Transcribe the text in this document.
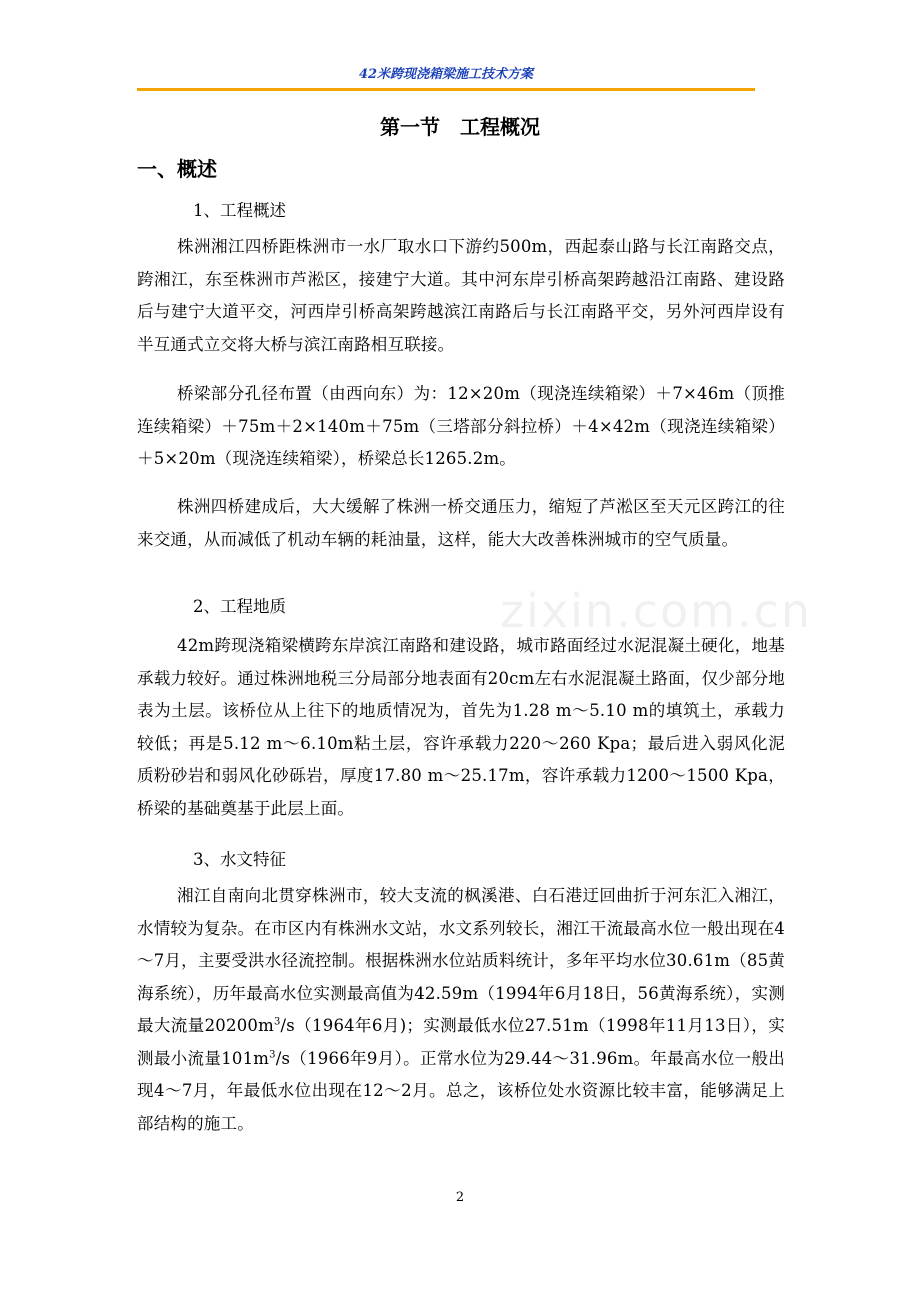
42米跨现浇箱梁施工技术方案
zixin.com.cn
第一节　工程概况
一、概述
1、工程概述
株洲湘江四桥距株洲市一水厂取水口下游约500m，西起泰山路与长江南路交点，跨湘江，东至株洲市芦淞区，接建宁大道。其中河东岸引桥高架跨越沿江南路、建设路后与建宁大道平交，河西岸引桥高架跨越滨江南路后与长江南路平交，另外河西岸设有半互通式立交将大桥与滨江南路相互联接。
桥梁部分孔径布置（由西向东）为：12×20m（现浇连续箱梁）＋7×46m（顶推连续箱梁）＋75m＋2×140m＋75m（三塔部分斜拉桥）＋4×42m（现浇连续箱梁）＋5×20m（现浇连续箱梁），桥梁总长1265.2m。
株洲四桥建成后，大大缓解了株洲一桥交通压力，缩短了芦淞区至天元区跨江的往来交通，从而减低了机动车辆的耗油量，这样，能大大改善株洲城市的空气质量。
2、工程地质
42m跨现浇箱梁横跨东岸滨江南路和建设路，城市路面经过水泥混凝土硬化，地基承载力较好。通过株洲地税三分局部分地表面有20cm左右水泥混凝土路面，仅少部分地表为土层。该桥位从上往下的地质情况为，首先为1.28 m～5.10 m的填筑土，承载力较低；再是5.12 m～6.10m粘土层，容许承载力220～260 Kpa；最后进入弱风化泥质粉砂岩和弱风化砂砾岩，厚度17.80 m～25.17m，容许承载力1200～1500 Kpa，桥梁的基础奠基于此层上面。
3、水文特征
湘江自南向北贯穿株洲市，较大支流的枫溪港、白石港迂回曲折于河东汇入湘江，水情较为复杂。在市区内有株洲水文站，水文系列较长，湘江干流最高水位一般出现在4～7月，主要受洪水径流控制。根据株洲水位站质料统计，多年平均水位30.61m（85黄海系统），历年最高水位实测最高值为42.59m（1994年6月18日，56黄海系统），实测最大流量$20200m^3/s(1964$年6月)；实测最低水位27.51m（1998年11月13日），实测最小流量$101m^3/s(1966$年9月）。正常水位为29.44～31.96m。年最高水位一般出现4～7月，年最低水位出现在12～2月。总之，该桥位处水资源比较丰富，能够满足上部结构的施工。
2
